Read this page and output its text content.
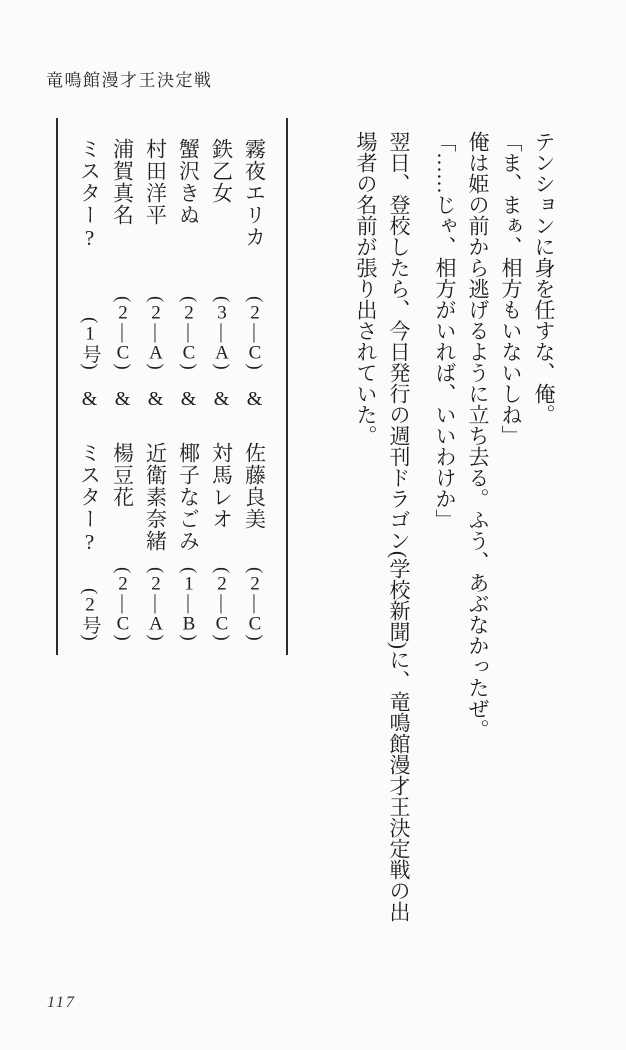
竜鳴館漫才王決定戦

テンションに身を任すな、俺。

「ま、まぁ、相方もいないしね」

俺は姫の前から逃げるように立ち去る。ふう、あぶなかったぜ。

「……じゃ、相方がいれば、いいわけか」

翌日、登校したら、今日発行の週刊ドラゴン(学校新聞)に、竜鳴館漫才王決定戦の出

場者の名前が張り出されていた。

霧夜エリカ
(2―C)
&
佐藤良美
(2―C)
鉄乙女
(3―A)
&
対馬レオ
(2―C)
蟹沢きぬ
(2―C)
&
椰子なごみ
(1―B)
村田洋平
(2―A)
&
近衛素奈緒
(2―A)
浦賀真名
(2―C)
&
楊豆花
(2―C)
ミスター?
(1号)
&
ミスター?
(2号)
117
